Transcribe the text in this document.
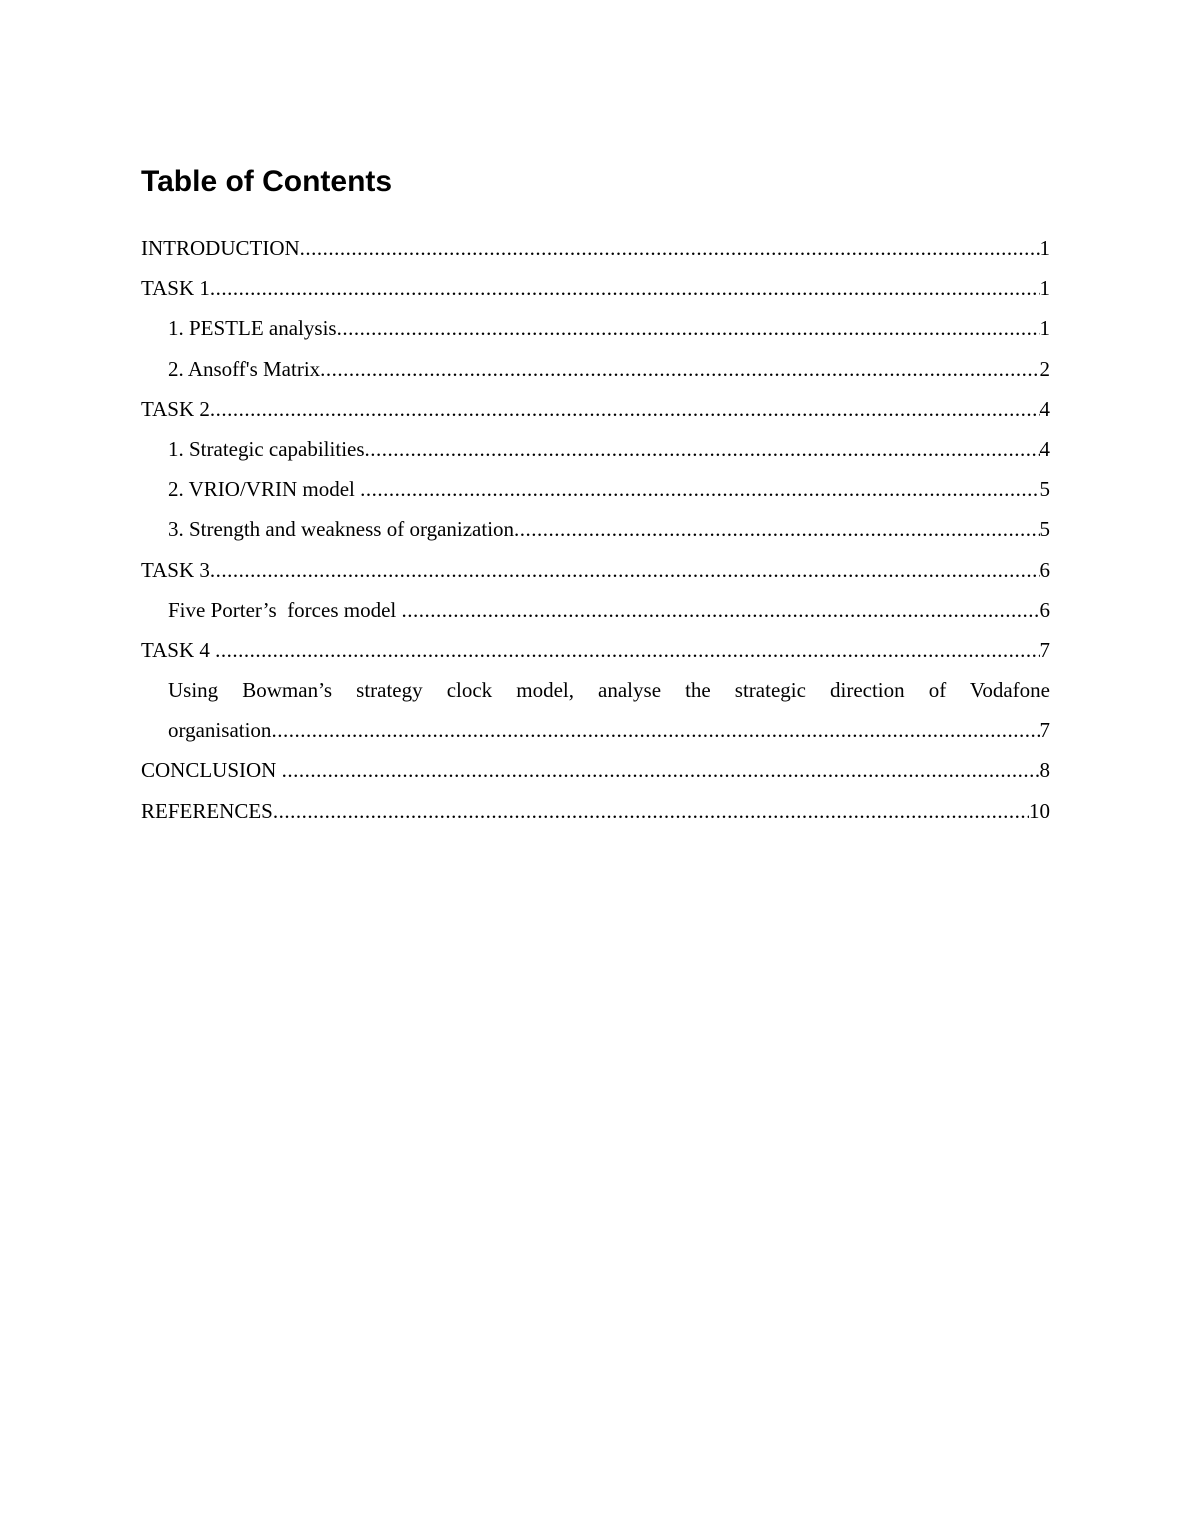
Table of Contents
INTRODUCTION .....	1
TASK 1 .....	1
1. PESTLE analysis .....	1
2. Ansoff's Matrix .....	2
TASK 2 .....	4
1. Strategic capabilities .....	4
2. VRIO/VRIN model .....	5
3. Strength and weakness of organization .....	5
TASK 3 .....	6
Five Porter’s  forces model .....	6
TASK 4 .....	7
Using Bowman’s strategy clock model, analyse the strategic direction of Vodafone
organisation .....	7
CONCLUSION .....	8
REFERENCES .....	10
